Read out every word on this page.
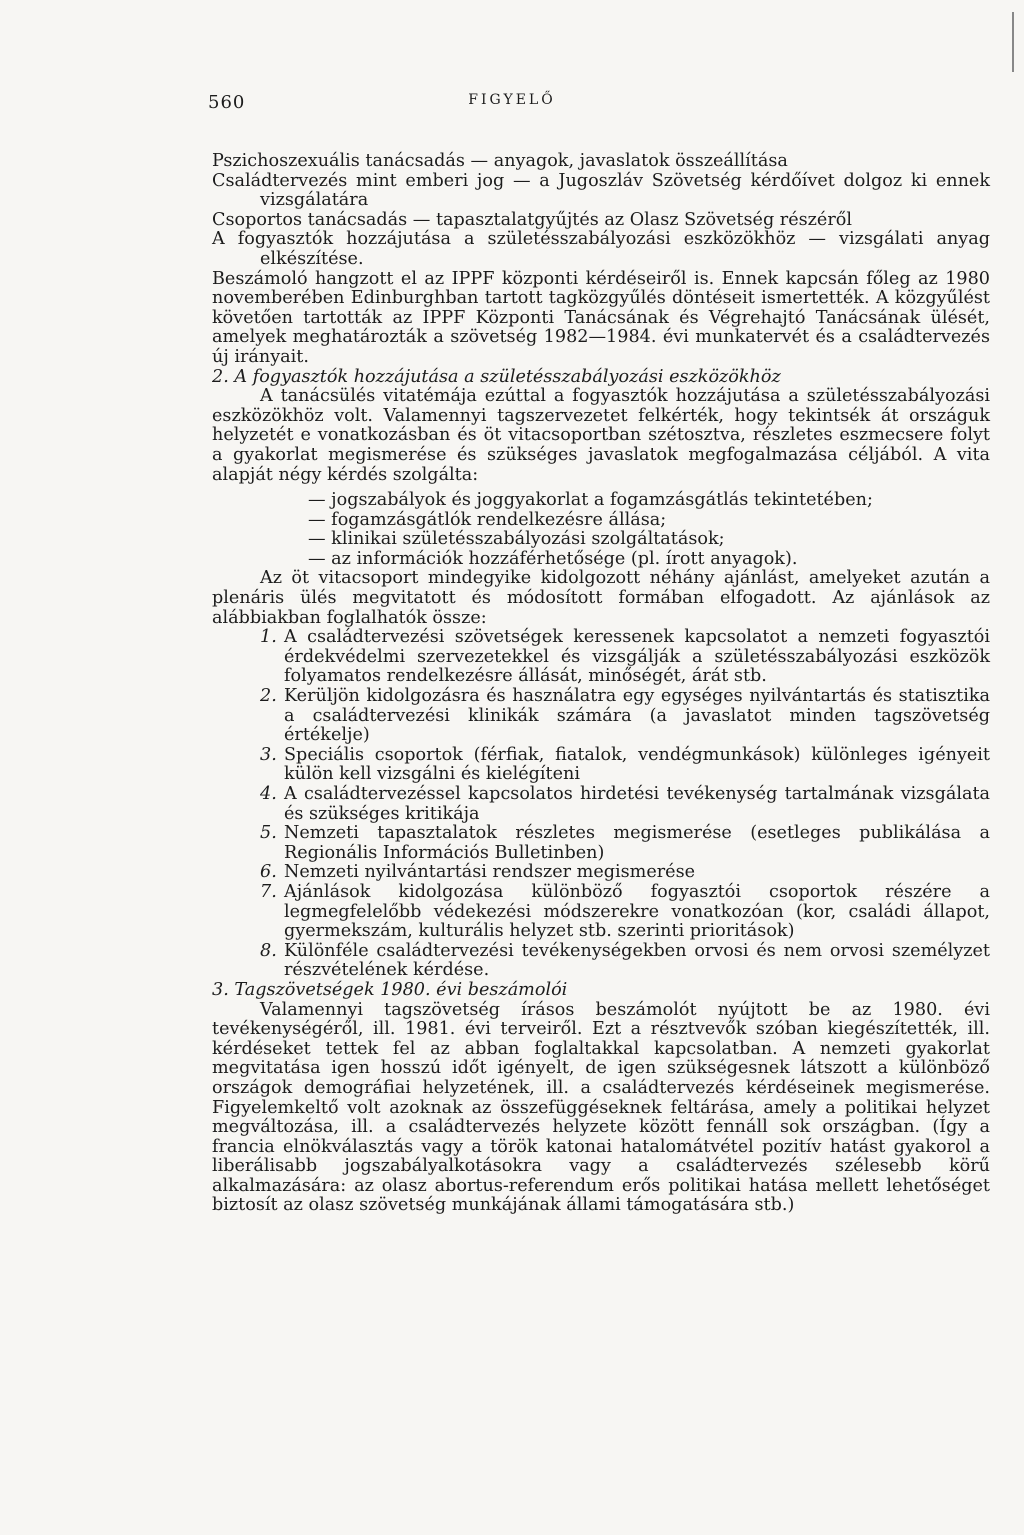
560	FIGYELŐ

Pszichoszexuális tanácsadás — anyagok, javaslatok összeállítása

Családtervezés mint emberi jog — a Jugoszláv Szövetség kérdőívet dolgoz ki ennek vizsgálatára

Csoportos tanácsadás — tapasztalatgyűjtés az Olasz Szövetség részéről

A fogyasztók hozzájutása a születésszabályozási eszközökhöz — vizsgálati anyag elkészítése.

Beszámoló hangzott el az IPPF központi kérdéseiről is. Ennek kapcsán főleg az 1980 novemberében Edinburghban tartott tagközgyűlés döntéseit ismertették. A közgyűlést követően tartották az IPPF Központi Tanácsának és Végrehajtó Tanácsának ülését, amelyek meghatározták a szövetség 1982—1984. évi munkatervét és a családtervezés új irányait.

2. A fogyasztók hozzájutása a születésszabályozási eszközökhöz

A tanácsülés vitatémája ezúttal a fogyasztók hozzájutása a születésszabályozási eszközökhöz volt. Valamennyi tagszervezetet felkérték, hogy tekintsék át országuk helyzetét e vonatkozásban és öt vitacsoportban szétosztva, részletes eszmecsere folyt a gyakorlat megismerése és szükséges javaslatok megfogalmazása céljából. A vita alapját négy kérdés szolgálta:

— jogszabályok és joggyakorlat a fogamzásgátlás tekintetében;
— fogamzásgátlók rendelkezésre állása;
— klinikai születésszabályozási szolgáltatások;
— az információk hozzáférhetősége (pl. írott anyagok).

Az öt vitacsoport mindegyike kidolgozott néhány ajánlást, amelyeket azután a plenáris ülés megvitatott és módosított formában elfogadott. Az ajánlások az alábbiakban foglalhatók össze:

1. A családtervezési szövetségek keressenek kapcsolatot a nemzeti fogyasztói érdekvédelmi szervezetekkel és vizsgálják a születésszabályozási eszközök folyamatos rendelkezésre állását, minőségét, árát stb.
2. Kerüljön kidolgozásra és használatra egy egységes nyilvántartás és statisztika a családtervezési klinikák számára (a javaslatot minden tagszövetség értékelje)
3. Speciális csoportok (férfiak, fiatalok, vendégmunkások) különleges igényeit külön kell vizsgálni és kielégíteni
4. A családtervezéssel kapcsolatos hirdetési tevékenység tartalmának vizsgálata és szükséges kritikája
5. Nemzeti tapasztalatok részletes megismerése (esetleges publikálása a Regionális Információs Bulletinben)
6. Nemzeti nyilvántartási rendszer megismerése
7. Ajánlások kidolgozása különböző fogyasztói csoportok részére a legmegfelelőbb védekezési módszerekre vonatkozóan (kor, családi állapot, gyermekszám, kulturális helyzet stb. szerinti prioritások)
8. Különféle családtervezési tevékenységekben orvosi és nem orvosi személyzet részvételének kérdése.

3. Tagszövetségek 1980. évi beszámolói

Valamennyi tagszövetség írásos beszámolót nyújtott be az 1980. évi tevékenységéről, ill. 1981. évi terveiről. Ezt a résztvevők szóban kiegészítették, ill. kérdéseket tettek fel az abban foglaltakkal kapcsolatban. A nemzeti gyakorlat megvitatása igen hosszú időt igényelt, de igen szükségesnek látszott a különböző országok demográfiai helyzetének, ill. a családtervezés kérdéseinek megismerése. Figyelemkeltő volt azoknak az összefüggéseknek feltárása, amely a politikai helyzet megváltozása, ill. a családtervezés helyzete között fennáll sok országban. (Így a francia elnökválasztás vagy a török katonai hatalomátvétel pozitív hatást gyakorol a liberálisabb jogszabályalkotásokra vagy a családtervezés szélesebb körű alkalmazására: az olasz abortus-referendum erős politikai hatása mellett lehetőséget biztosít az olasz szövetség munkájának állami támogatására stb.)
